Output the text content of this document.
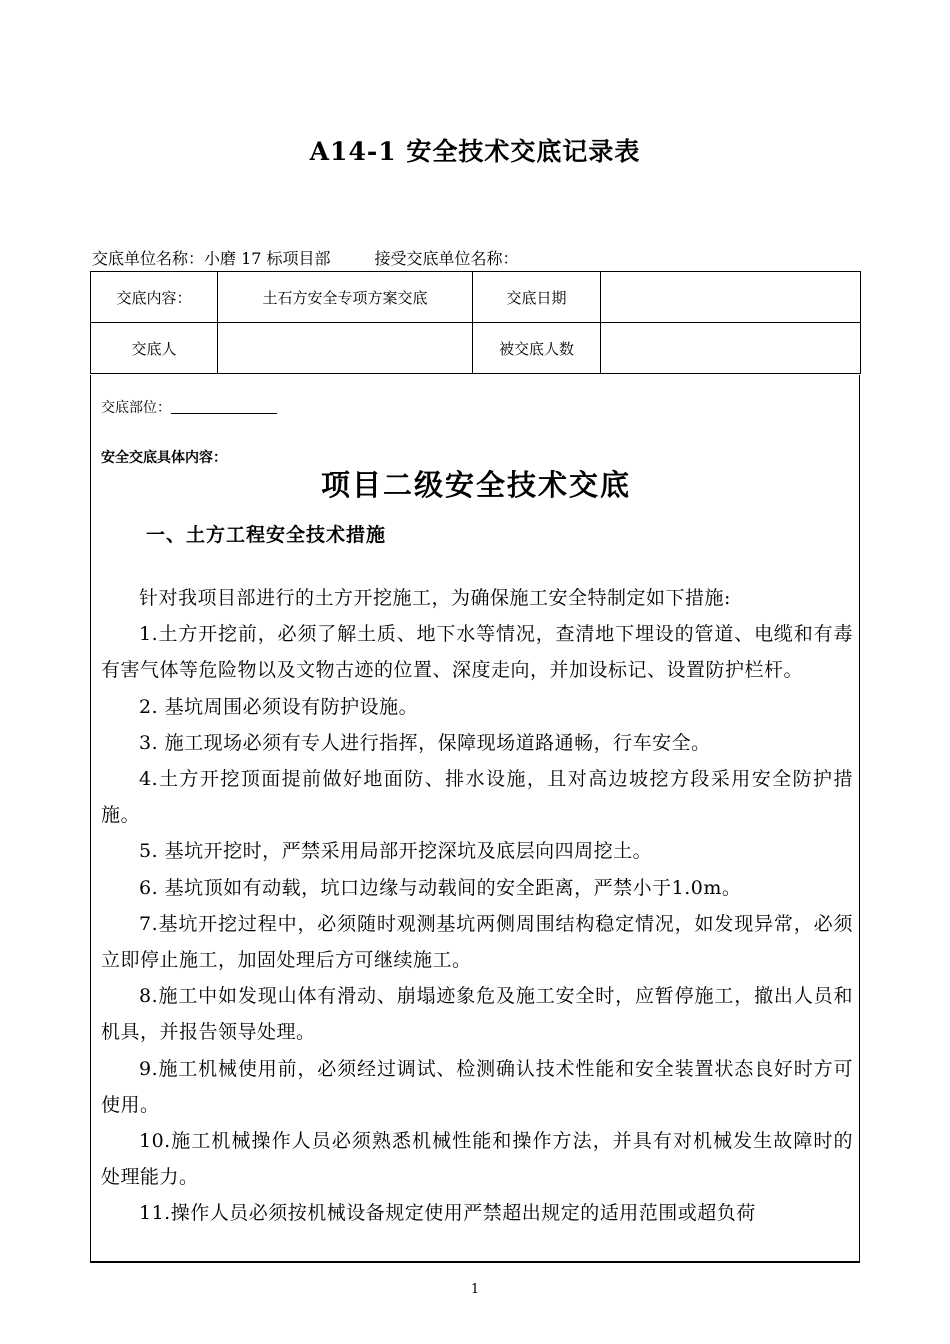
A14-1 安全技术交底记录表
交底单位名称：小磨 17 标项目部	接受交底单位名称：
交底内容：	土石方安全专项方案交底	交底日期	
交底人		被交底人数	
交底部位：
安全交底具体内容：
项目二级安全技术交底
一、土方工程安全技术措施

针对我项目部进行的土方开挖施工，为确保施工安全特制定如下措施:

1.土方开挖前，必须了解土质、地下水等情况，查清地下埋设的管道、电缆和有毒有害气体等危险物以及文物古迹的位置、深度走向，并加设标记、设置防护栏杆。

2. 基坑周围必须设有防护设施。

3. 施工现场必须有专人进行指挥，保障现场道路通畅，行车安全。

4.土方开挖顶面提前做好地面防、排水设施，且对高边坡挖方段采用安全防护措施。

5. 基坑开挖时，严禁采用局部开挖深坑及底层向四周挖土。

6. 基坑顶如有动载，坑口边缘与动载间的安全距离，严禁小于1.0m。

7.基坑开挖过程中，必须随时观测基坑两侧周围结构稳定情况，如发现异常，必须立即停止施工，加固处理后方可继续施工。

8.施工中如发现山体有滑动、崩塌迹象危及施工安全时，应暂停施工，撤出人员和机具，并报告领导处理。

9.施工机械使用前，必须经过调试、检测确认技术性能和安全装置状态良好时方可使用。

10.施工机械操作人员必须熟悉机械性能和操作方法，并具有对机械发生故障时的处理能力。

11.操作人员必须按机械设备规定使用严禁超出规定的适用范围或超负荷

1
